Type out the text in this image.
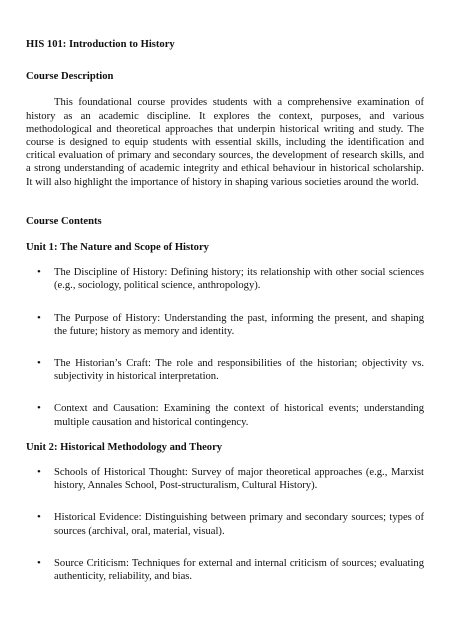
HIS 101: Introduction to History
Course Description

This foundational course provides students with a comprehensive examination of history as an academic discipline. It explores the context, purposes, and various methodological and theoretical approaches that underpin historical writing and study. The course is designed to equip students with essential skills, including the identification and critical evaluation of primary and secondary sources, the development of research skills, and a strong understanding of academic integrity and ethical behaviour in historical scholarship. It will also highlight the importance of history in shaping various societies around the world.

Course Contents
Unit 1: The Nature and Scope of History
• The Discipline of History: Defining history; its relationship with other social sciences (e.g., sociology, political science, anthropology).
• The Purpose of History: Understanding the past, informing the present, and shaping the future; history as memory and identity.
• The Historian’s Craft: The role and responsibilities of the historian; objectivity vs. subjectivity in historical interpretation.
• Context and Causation: Examining the context of historical events; understanding multiple causation and historical contingency.
Unit 2: Historical Methodology and Theory
• Schools of Historical Thought: Survey of major theoretical approaches (e.g., Marxist history, Annales School, Post-structuralism, Cultural History).
• Historical Evidence: Distinguishing between primary and secondary sources; types of sources (archival, oral, material, visual).
• Source Criticism: Techniques for external and internal criticism of sources; evaluating authenticity, reliability, and bias.
